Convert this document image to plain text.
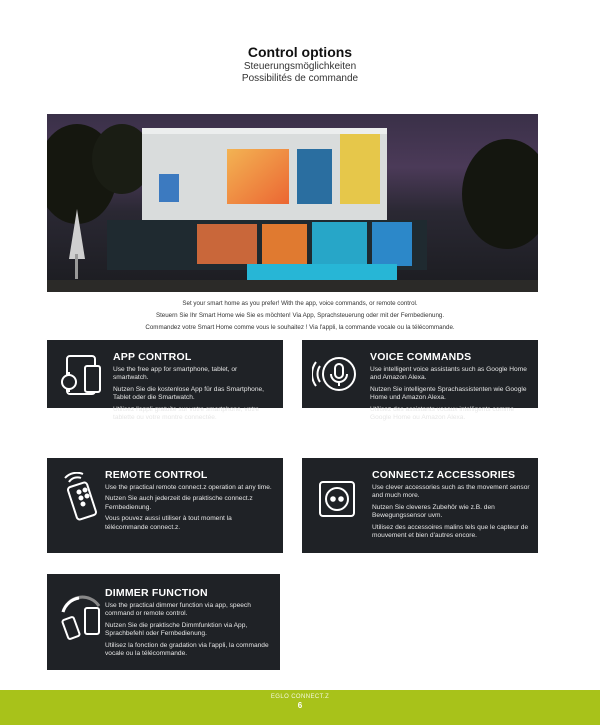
Control options
Steuerungsmöglichkeiten
Possibilités de commande
Set your smart home as you prefer! With the app, voice commands, or remote control.
Steuern Sie Ihr Smart Home wie Sie es möchten! Via App, Sprachsteuerung oder mit der Fernbedienung.
Commandez votre Smart Home comme vous le souhaitez ! Via l'appli, la commande vocale ou la télécommande.
APP CONTROL

Use the free app for smartphone, tablet, or smartwatch.

Nutzen Sie die kostenlose App für das Smartphone, Tablet oder die Smartwatch.

Utilisez l'appli gratuite sur votre smartphone, votre tablette ou votre montre connectée.

VOICE COMMANDS

Use intelligent voice assistants such as Google Home and Amazon Alexa.

Nutzen Sie intelligente Sprachassistenten wie Google Home und Amazon Alexa.

Utilisez des assistants vocaux intelligents comme Google Home ou Amazon Alexa.

REMOTE CONTROL

Use the practical remote connect.z operation at any time.

Nutzen Sie auch jederzeit die praktische connect.z Fernbedienung.

Vous pouvez aussi utiliser à tout moment la télécommande connect.z.

CONNECT.Z ACCESSORIES

Use clever accessories such as the movement sensor and much more.

Nutzen Sie cleveres Zubehör wie z.B. den Bewegungssensor uvm.

Utilisez des accessoires malins tels que le capteur de mouvement et bien d'autres encore.

DIMMER FUNCTION

Use the practical dimmer function via app, speech command or remote control.

Nutzen Sie die praktische Dimmfunktion via App, Sprachbefehl oder Fernbedienung.

Utilisez la fonction de gradation via l'appli, la commande vocale ou la télécommande.

EGLO CONNECT.Z
6
